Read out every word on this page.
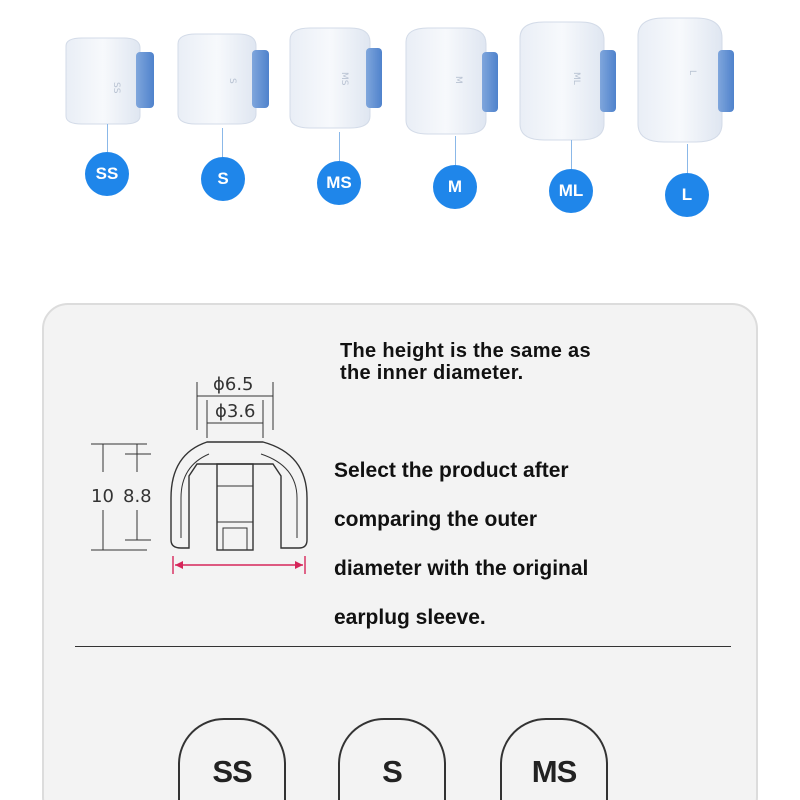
SS
SS
S
S
MS
MS
M
M
ML
ML
L
L
ϕ6.5
ϕ3.6
10 8.8
The height is the same as the inner diameter.
Select the product after
comparing the outer
diameter with the original
earplug sleeve.
SS	S	MS
